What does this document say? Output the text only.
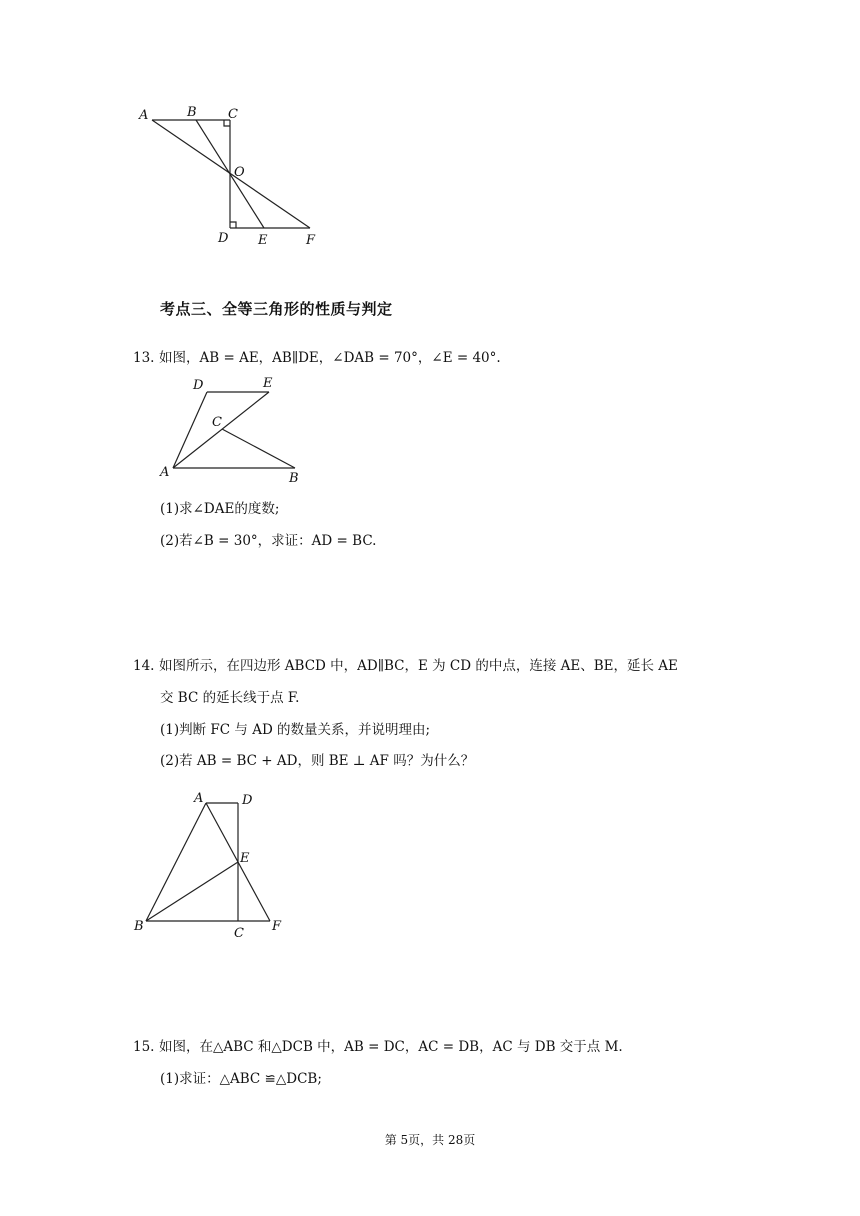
A	B C
O
D E	F
考点三、全等三角形的性质与判定
13. 如图，AB = AE，AB∥DE，∠DAB = 70°，∠E = 40°.
D	E
C
A	B
(1)求∠DAE的度数;
(2)若∠B = 30°，求证：AD = BC.
14. 如图所示，在四边形 ABCD 中，AD∥BC，E 为 CD 的中点，连接 AE、BE，延长 AE
交 BC 的延长线于点 F.
(1)判断 FC 与 AD 的数量关系，并说明理由;
(2)若 AB = BC + AD，则 BE ⊥ AF 吗？为什么？
A	D
E
B	C F
15. 如图，在△ABC 和△DCB 中，AB = DC，AC = DB，AC 与 DB 交于点 M.
(1)求证：△ABC ≌△DCB;
第 5页，共 28页
